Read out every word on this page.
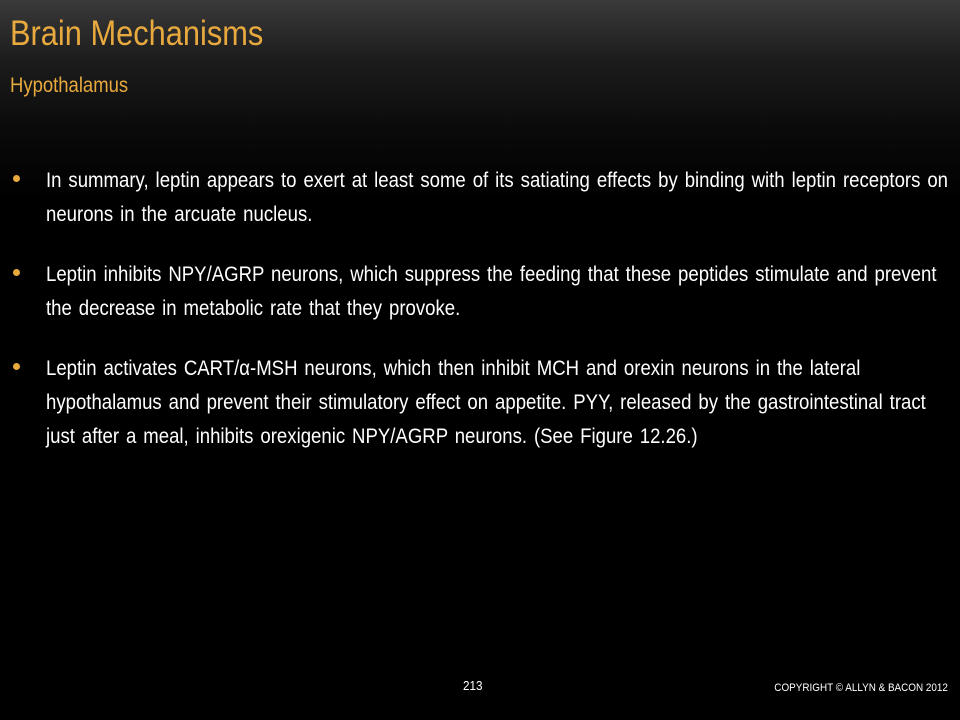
Brain Mechanisms
Hypothalamus
In summary, leptin appears to exert at least some of its satiating effects by binding with leptin receptors on neurons in the arcuate nucleus.
Leptin inhibits NPY/AGRP neurons, which suppress the feeding that these peptides stimulate and prevent the decrease in metabolic rate that they provoke.
Leptin activates CART/α-MSH neurons, which then inhibit MCH and orexin neurons in the lateral hypothalamus and prevent their stimulatory effect on appetite. PYY, released by the gastrointestinal tract just after a meal, inhibits orexigenic NPY/AGRP neurons. (See Figure 12.26.)
213	COPYRIGHT © ALLYN & BACON 2012
